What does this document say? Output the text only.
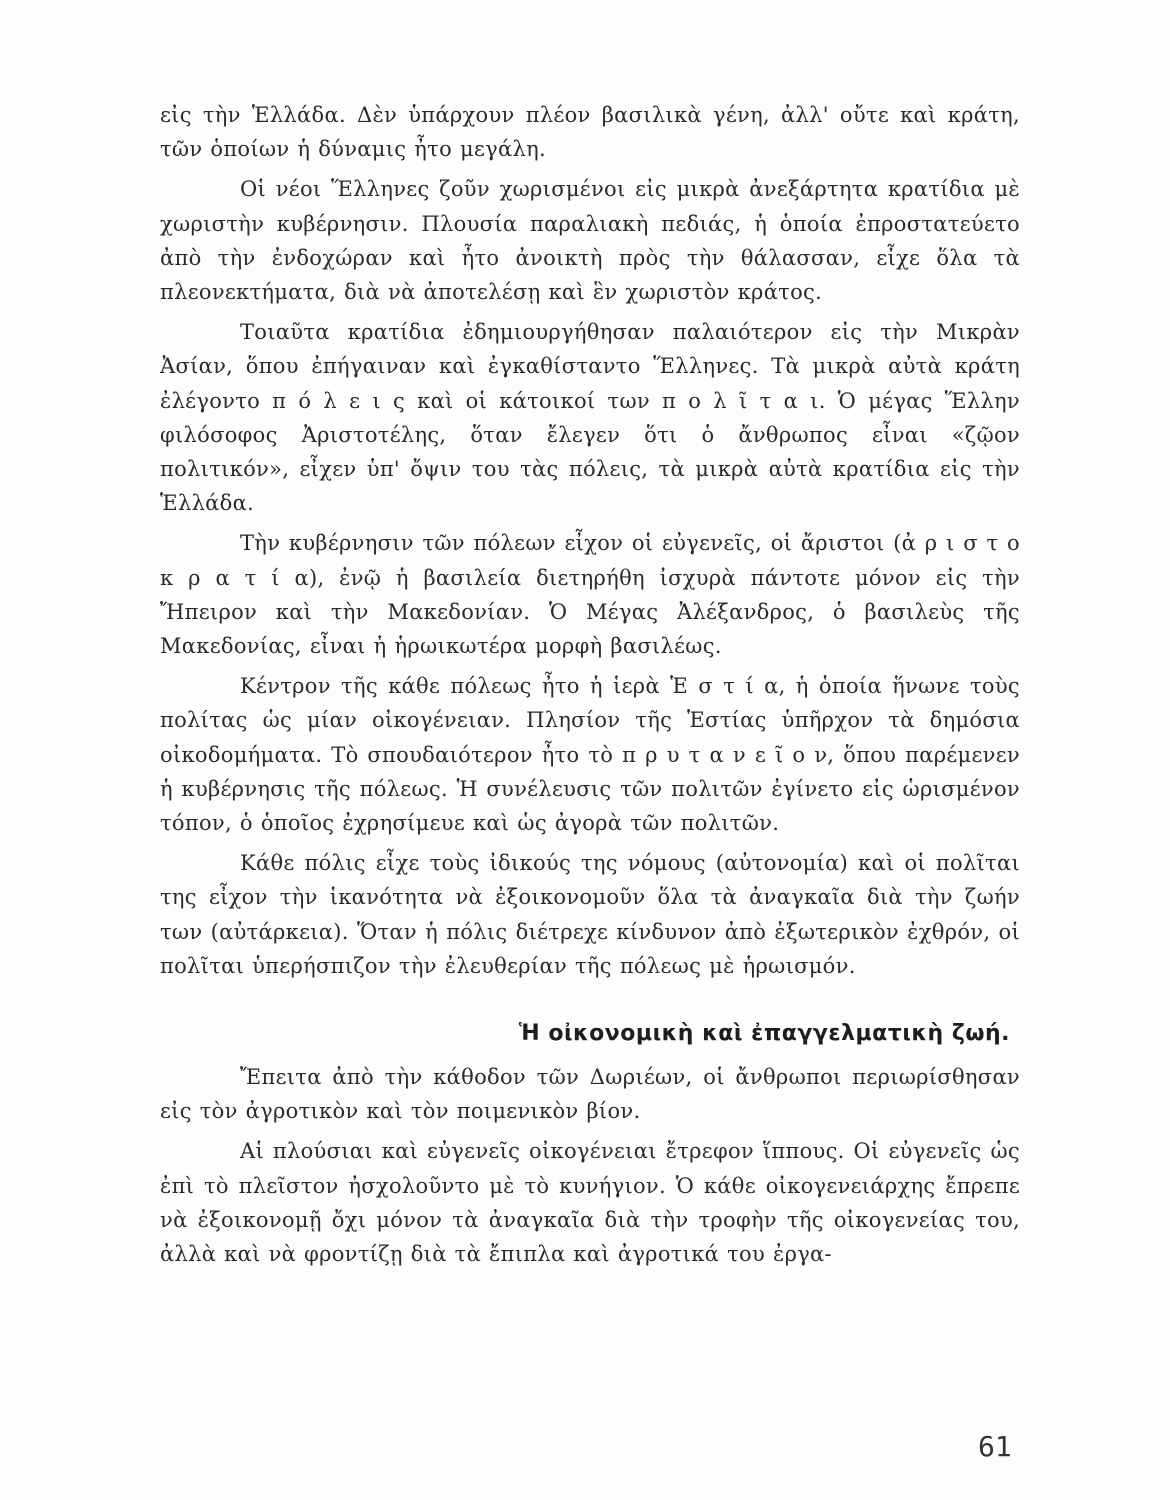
εἰς τὴν Ἑλλάδα. Δὲν ὑπάρχουν πλέον βασιλικὰ γένη, ἀλλ' οὔτε καὶ κράτη, τῶν ὁποίων ἡ δύναμις ἦτο μεγάλη.

Οἱ νέοι Ἕλληνες ζοῦν χωρισμένοι εἰς μικρὰ ἀνεξάρτητα κρατίδια μὲ χωριστὴν κυβέρνησιν. Πλουσία παραλιακὴ πεδιάς, ἡ ὁποία ἐπροστατεύετο ἀπὸ τὴν ἐνδοχώραν καὶ ἦτο ἀνοικτὴ πρὸς τὴν θάλασσαν, εἶχε ὅλα τὰ πλεονεκτήματα, διὰ νὰ ἀποτελέσῃ καὶ ἓν χωριστὸν κράτος.

Τοιαῦτα κρατίδια ἐδημιουργήθησαν παλαιότερον εἰς τὴν Μικρὰν Ἀσίαν, ὅπου ἐπήγαιναν καὶ ἐγκαθίσταντο Ἕλληνες. Τὰ μικρὰ αὐτὰ κράτη ἐλέγοντο π ό λ ε ι ς καὶ οἱ κάτοικοί των π ο λ ῖ τ α ι. Ὁ μέγας Ἕλλην φιλόσοφος Ἀριστοτέλης, ὅταν ἔλεγεν ὅτι ὁ ἄνθρωπος εἶναι «ζῷον πολιτικόν», εἶχεν ὑπ' ὄψιν του τὰς πόλεις, τὰ μικρὰ αὐτὰ κρατίδια εἰς τὴν Ἑλλάδα.

Τὴν κυβέρνησιν τῶν πόλεων εἶχον οἱ εὐγενεῖς, οἱ ἄριστοι (ἀ ρ ι σ τ ο κ ρ α τ ί α), ἐνῷ ἡ βασιλεία διετηρήθη ἰσχυρὰ πάντοτε μόνον εἰς τὴν Ἤπειρον καὶ τὴν Μακεδονίαν. Ὁ Μέγας Ἀλέξανδρος, ὁ βασιλεὺς τῆς Μακεδονίας, εἶναι ἡ ἡρωικωτέρα μορφὴ βασιλέως.

Κέντρον τῆς κάθε πόλεως ἦτο ἡ ἱερὰ Ἑ σ τ ί α, ἡ ὁποία ἥνωνε τοὺς πολίτας ὡς μίαν οἰκογένειαν. Πλησίον τῆς Ἑστίας ὑπῆρχον τὰ δημόσια οἰκοδομήματα. Τὸ σπουδαιότερον ἦτο τὸ π ρ υ τ α ν ε ῖ ο ν, ὅπου παρέμενεν ἡ κυβέρνησις τῆς πόλεως. Ἡ συνέλευσις τῶν πολιτῶν ἐγίνετο εἰς ὡρισμένον τόπον, ὁ ὁποῖος ἐχρησίμευε καὶ ὡς ἀγορὰ τῶν πολιτῶν.

Κάθε πόλις εἶχε τοὺς ἰδικούς της νόμους (αὐτονομία) καὶ οἱ πολῖται της εἶχον τὴν ἱκανότητα νὰ ἐξοικονομοῦν ὅλα τὰ ἀναγκαῖα διὰ τὴν ζωήν των (αὐτάρκεια). Ὅταν ἡ πόλις διέτρεχε κίνδυνον ἀπὸ ἐξωτερικὸν ἐχθρόν, οἱ πολῖται ὑπερήσπιζον τὴν ἐλευθερίαν τῆς πόλεως μὲ ἡρωισμόν.

Ἡ οἰκονομικὴ καὶ ἐπαγγελματικὴ ζωή.

Ἔπειτα ἀπὸ τὴν κάθοδον τῶν Δωριέων, οἱ ἄνθρωποι περιωρίσθησαν εἰς τὸν ἀγροτικὸν καὶ τὸν ποιμενικὸν βίον.

Αἱ πλούσιαι καὶ εὐγενεῖς οἰκογένειαι ἔτρεφον ἵππους. Οἱ εὐγενεῖς ὡς ἐπὶ τὸ πλεῖστον ἠσχολοῦντο μὲ τὸ κυνήγιον. Ὁ κάθε οἰκογενειάρχης ἔπρεπε νὰ ἐξοικονομῇ ὄχι μόνον τὰ ἀναγκαῖα διὰ τὴν τροφὴν τῆς οἰκογενείας του, ἀλλὰ καὶ νὰ φροντίζῃ διὰ τὰ ἔπιπλα καὶ ἀγροτικά του ἐργα-

61
